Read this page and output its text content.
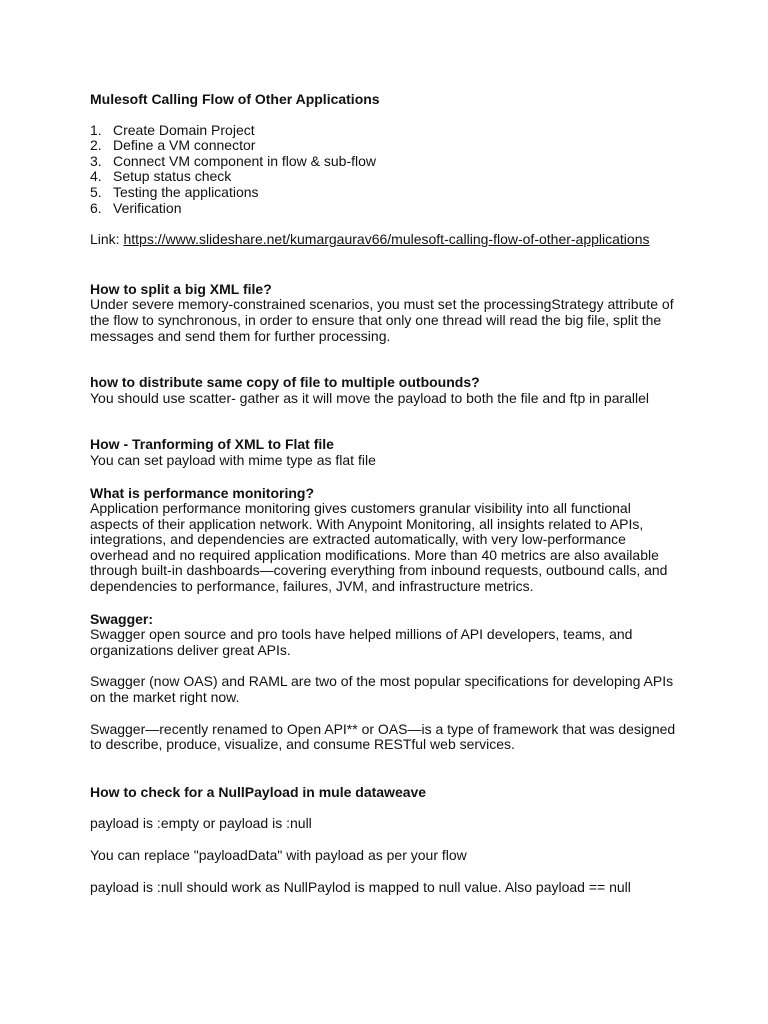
Mulesoft Calling Flow of Other Applications
1. Create Domain Project
2. Define a VM connector
3. Connect VM component in flow & sub-flow
4. Setup status check
5. Testing the applications
6. Verification

Link: https://www.slideshare.net/kumargaurav66/mulesoft-calling-flow-of-other-applications

How to split a big XML file?

Under severe memory-constrained scenarios, you must set the processingStrategy attribute of the flow to synchronous, in order to ensure that only one thread will read the big file, split the messages and send them for further processing.

how to distribute same copy of file to multiple outbounds?

You should use scatter- gather as it will move the payload to both the file and ftp in parallel

How - Tranforming of XML to Flat file

You can set payload with mime type as flat file

What is performance monitoring?

Application performance monitoring gives customers granular visibility into all functional aspects of their application network. With Anypoint Monitoring, all insights related to APIs, integrations, and dependencies are extracted automatically, with very low-performance overhead and no required application modifications. More than 40 metrics are also available through built-in dashboards—covering everything from inbound requests, outbound calls, and dependencies to performance, failures, JVM, and infrastructure metrics.

Swagger:

Swagger open source and pro tools have helped millions of API developers, teams, and organizations deliver great APIs.

Swagger (now OAS) and RAML are two of the most popular specifications for developing APIs on the market right now.

Swagger—recently renamed to Open API** or OAS—is a type of framework that was designed to describe, produce, visualize, and consume RESTful web services.

How to check for a NullPayload in mule dataweave

payload is :empty or payload is :null

You can replace "payloadData" with payload as per your flow

payload is :null should work as NullPaylod is mapped to null value. Also payload == null
